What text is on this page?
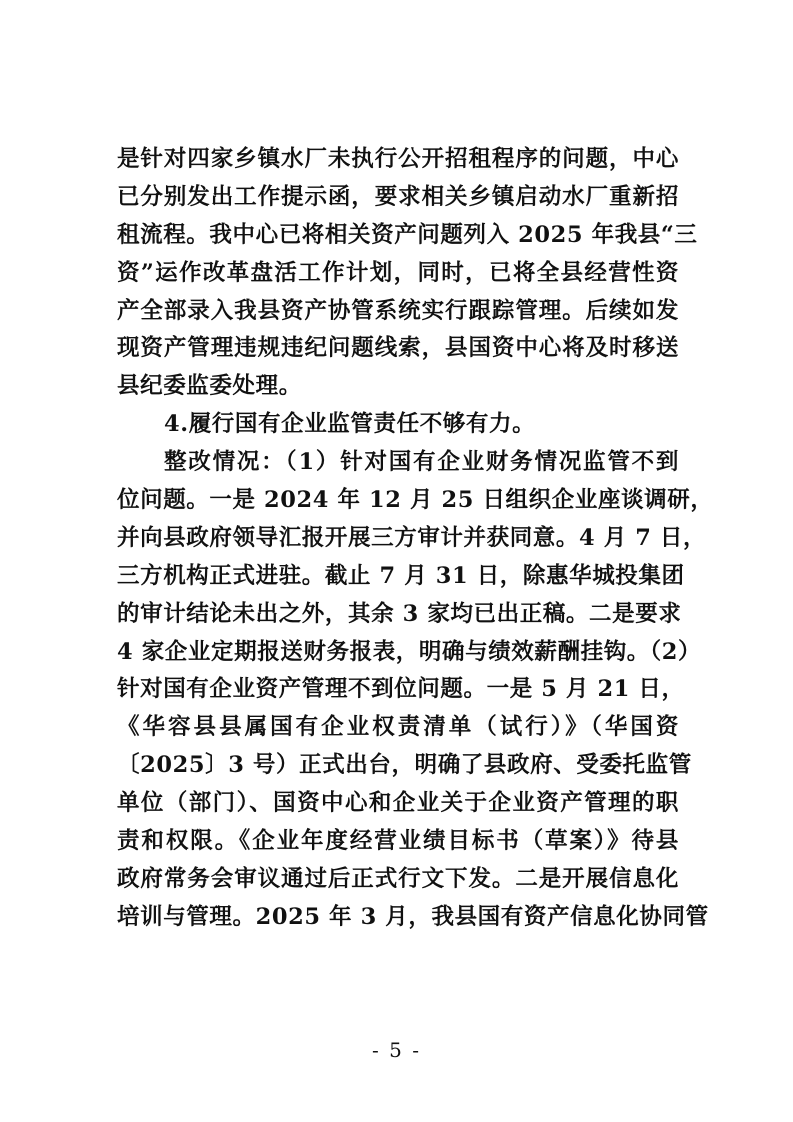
是针对四家乡镇水厂未执行公开招租程序的问题，中心
已分别发出工作提示函，要求相关乡镇启动水厂重新招
租流程。我中心已将相关资产问题列入 2025 年我县“三
资”运作改革盘活工作计划，同时，已将全县经营性资
产全部录入我县资产协管系统实行跟踪管理。后续如发
现资产管理违规违纪问题线索，县国资中心将及时移送
县纪委监委处理。
4.履行国有企业监管责任不够有力。
整改情况：（1）针对国有企业财务情况监管不到
位问题。一是 2024 年 12 月 25 日组织企业座谈调研，
并向县政府领导汇报开展三方审计并获同意。4 月 7 日，
三方机构正式进驻。截止 7 月 31 日，除惠华城投集团
的审计结论未出之外，其余 3 家均已出正稿。二是要求
4 家企业定期报送财务报表，明确与绩效薪酬挂钩。（2）
针对国有企业资产管理不到位问题。一是 5 月 21 日，
《华容县县属国有企业权责清单（试行）》（华国资
〔2025〕3 号）正式出台，明确了县政府、受委托监管
单位（部门）、国资中心和企业关于企业资产管理的职
责和权限。《企业年度经营业绩目标书（草案）》待县
政府常务会审议通过后正式行文下发。二是开展信息化
培训与管理。2025 年 3 月，我县国有资产信息化协同管
- 5 -
